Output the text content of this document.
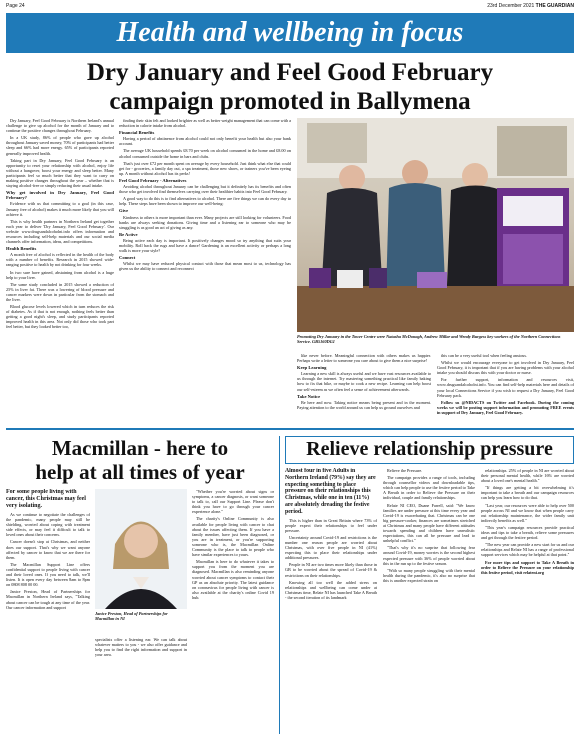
Page 24	23rd December 2021 THE GUARDIAN
Health and wellbeing in focus
Dry January and Feel Good February
campaign promoted in Ballymena

Dry January, Feel Good February is Northern Ireland's annual challenge to give up alcohol for the month of January and to continue the positive changes throughout February.

In a UK study, 86% of people who gave up alcohol throughout January saved money, 70% of participants had better sleep and 66% had more energy. 65% of participants reported generally improved health.

Taking part in Dry January, Feel Good February is an opportunity to reset your relationship with alcohol, enjoy life without a hangover, boost your energy and sleep better. Many participants feel so much better that they want to carry on making positive changes throughout the year – whether that is staying alcohol-free or simply reducing their usual intake.

Why get involved in Dry January, Feel Good February?

Evidence with us that committing to a goal (in this case, January free of alcohol) makes it much more likely that you will achieve it.

This is why health partners in Northern Ireland get together each year to deliver 'Dry January, Feel Good February'. Our website www.drugsandalcoholni.info offers information and resources including self-help materials and our social media channels offer information, ideas, and competitions.

Health Benefits

A month free of alcohol is reflected in the health of the body with a number of benefits. Research in 2015 showed wide-ranging positive to health by not drinking for four weeks.

In two sure have gained, abstaining from alcohol is a huge help to your liver.

The same study concluded in 2015 showed a reduction of 25% in liver fat. There was a lowering of blood pressure and cancer markers were down in particular from the stomach and the liver.

Blood glucose levels lowered which in turn reduces the risk of diabetes. As if that is not enough, nothing feels better than getting a good night's sleep, and study participants reported improved health in this area. Not only did those who took part feel better, but they looked better too,

finding their skin felt and looked brighter as well as better weight management that can come with a reduction in calorie intake from alcohol.

Financial Benefits

Having a period of abstinence from alcohol could not only benefit your health but also your bank account.

The average UK household spends £8.70 per week on alcohol consumed in the home and £8.00 on alcohol consumed outside the home in bars and clubs.

That's just over £72 per month spent on average by every household. Just think what else that could get for - groceries, a family day out, a spa treatment, those new shoes, or trainers you've been eyeing up. A month without alcohol has its perks!

Feel Good February - Alternatives

Avoiding alcohol throughout January can be challenging but it definitely has its benefits and often those who get involved find themselves carrying over their healthier habits into Feel Good February.

A good way to do this is to find alternatives to alcohol. There are five things we can do every day to help. These steps have been shown to improve our well-being:

Give

Kindness to others is more important than ever. Many projects are still looking for volunteers. Food banks are always seeking donations. Giving time and a listening ear to someone who may be struggling is as good an act of giving as any.

Be Active

Being active each day is important. It positively changes mood so try anything that suits your mobility. Roll back the rugs and have a dance! Gardening is an excellent activity or perhaps a long walk is more your style?

Connect

Whilst we may have reduced physical contact with those that mean most to us, technology has given us the ability to connect and reconnect

Promoting Dry January in the Tower Centre were Natasha McDonagh, Andrew Millar and Wendy Burgess key workers of the Northern Connections Service. GB5160DG1

like never before. Meaningful connection with others makes us happier. Perhaps write a letter to someone you care about to give them a nice surprise!

Keep Learning

Learning a new skill is always useful and we have vast resources available to us through the internet. Try mastering something practical like family baking how to fix that bike, or maybe to cook a new recipe. Learning can help boost our self-esteem as we often feel a sense of achievement afterwards.

Take Notice

Be here and now. Taking notice means being present and in the moment. Paying attention to the world around us can help us ground ourselves and

this can be a very useful tool when feeling anxious.

Whilst we would encourage everyone to get involved in Dry January, Feel Good February, it is important that if you are having problems with your alcohol intake you should discuss this with your doctor or nurse.

For further support, information and resources visit, www.drugsandalcoholni.info. You can find self-help materials here and details of your local Connections Service if you wish to request a Dry January, Feel Good February pack.

Follow us @NIDACTS on Twitter and Facebook. During the coming weeks we will be posting support information and promoting FREE events in support of Dry January, Feel Good February.

Macmillan - here to
help at all times of year

For some people living with cancer, this Christmas may feel very isolating.

As we continue to negotiate the challenges of the pandemic, many people may still be shielding, worried about coping with treatment side effects, or may feel it difficult to talk to loved ones about their concerns.

Cancer doesn't stop at Christmas, and neither does our support. That's why we want anyone affected by cancer to know that we are there for them.

The Macmillan Support Line offers confidential support to people living with cancer and their loved ones. If you need to talk, we'll listen. It is open every day between 8am to 8pm on 0808 808 00 00.

Janice Preston, Head of Partnerships for Macmillan in Northern Ireland says, "Talking about cancer can be tough at any time of the year. Our cancer information and support

Janice Preston, Head of Partnerships for Macmillan in NI

specialists offer a listening ear. We can talk about whatever matters to you - we also offer guidance and help you to find the right information and support in your area.

"Whether you're worried about signs or symptoms, a cancer diagnosis, or want someone to talk to, call our Support Line. Please don't think you have to go through your cancer experience alone."

The charity's Online Community is also available for people living with cancer to chat about the issues affecting them. If you have a family member, have just been diagnosed, or you are in treatment, or you're supporting someone who is, the Macmillan Online Community is the place to talk to people who have similar experiences to yours.

Macmillan is here to do whatever it takes to support you from the moment you are diagnosed. Macmillan is also reminding anyone worried about cancer symptoms to contact their GP as an absolute priority. The latest guidance on coronavirus for people living with cancer is also available at the charity's online Covid 19 hub.

Relieve relationship pressure

Almost four in five Adults in Northern Ireland (79%) say they are expecting something to place pressure on their relationships this Christmas, while one in ten (11%) are absolutely dreading the festive period.

This is higher than in Great Britain where 73% of people expect their relationships to feel under pressure.

Uncertainty around Covid-19 and restrictions is the number one reason people are worried about Christmas, with over five people in NI (41%) expecting this to place their relationships under additional pressures.

People in NI are two times more likely than those in GB to be worried about the spread of Covid-19 & restrictions on their relationships.

Knowing all too well the added stress on relationships and wellbeing can come under at Christmas time, Relate NI has launched Take A Breath - the second iteration of its landmark

Relieve the Pressure.

The campaign provides a range of tools, including through counsellor videos and downloadable tips, which can help people to use the festive period to Take A Breath in order to Relieve the Pressure on their individual, couple and family relationships.

Relate NI CEO, Duane Farrell, said: "We know families are under pressure at this time every year and Covid-19 is exacerbating that. Christmas can be one big pressure-cooker, finances are sometimes stretched at Christmas and many people have different attitudes towards spending and children have unrealistic expectations, this can all be pressure and lead to unhelpful conflict."

"That's why it's no surprise that following fear around Covid-19, money worries is the second highest expected pressure with 36% of people worried about this in the run up to the festive season.

"With so many people struggling with their mental health during the pandemic, it's also no surprise that this is another expected strain on

relationships. 25% of people in NI are worried about their personal mental health, while 16% are worried about a loved one's mental health."

"If things are getting a bit overwhelming it's important to take a breath and our campaign resources can help you learn how to do that.

"Last year, our resources were able to help over 500 people across NI and we know that when people carry out relationship maintenance, the wider family unit indirectly benefits as well."

"This year's campaign resources provide practical ideas and tips to take a breath, relieve some pressures and get through the festive period.

"The new year can provide a new start for us and our relationships and Relate NI has a range of professional support services which may be helpful at that point."

For more tips and support to Take A Breath in order to Relieve the Pressure on your relationship this festive period, visit relateni.org
